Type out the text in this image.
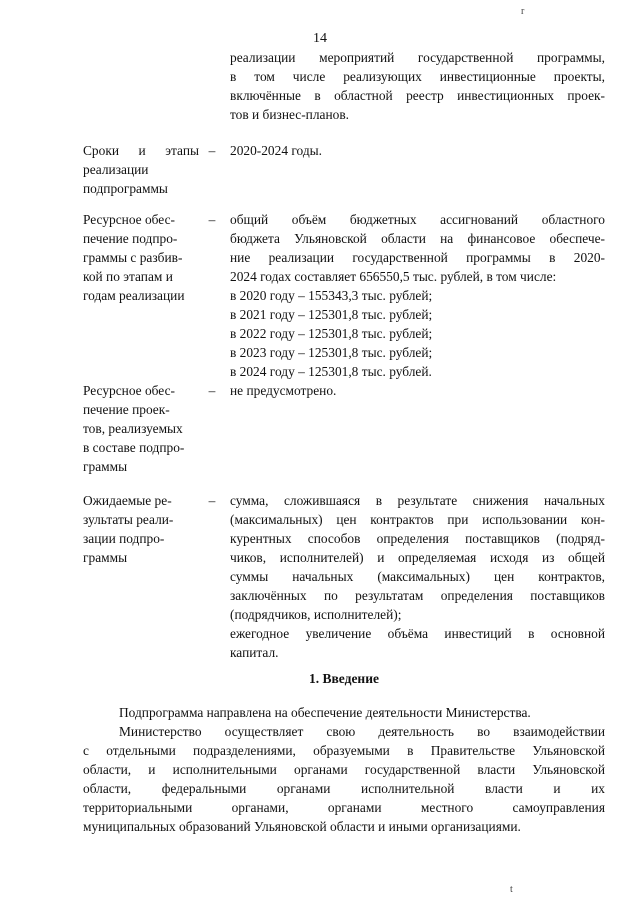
14
r
t
реализации мероприятий государственной программы,
в том числе реализующих инвестиционные проекты,
включённые в областной реестр инвестиционных проек-
тов и бизнес-планов.
Сроки и этапы
реализации
подпрограммы
– 2020-2024 годы.
Ресурсное обес-
печение подпро-
граммы с разбив-
кой по этапам и
годам реализации
– общий объём бюджетных ассигнований областного
бюджета Ульяновской области на финансовое обеспече-
ние реализации государственной программы в 2020-
2024 годах составляет 656550,5 тыс. рублей, в том числе:
в 2020 году – 155343,3 тыс. рублей;
в 2021 году – 125301,8 тыс. рублей;
в 2022 году – 125301,8 тыс. рублей;
в 2023 году – 125301,8 тыс. рублей;
в 2024 году – 125301,8 тыс. рублей.
Ресурсное обес-
печение проек-
тов, реализуемых
в составе подпро-
граммы
– не предусмотрено.
Ожидаемые ре-
зультаты реали-
зации подпро-
граммы
– сумма, сложившаяся в результате снижения начальных
(максимальных) цен контрактов при использовании кон-
курентных способов определения поставщиков (подряд-
чиков, исполнителей) и определяемая исходя из общей
суммы начальных (максимальных) цен контрактов,
заключённых по результатам определения поставщиков
(подрядчиков, исполнителей);
ежегодное увеличение объёма инвестиций в основной
капитал.
1. Введение
Подпрограмма направлена на обеспечение деятельности Министерства.
Министерство осуществляет свою деятельность во взаимодействии
с отдельными подразделениями, образуемыми в Правительстве Ульяновской
области, и исполнительными органами государственной власти Ульяновской
области, федеральными органами исполнительной власти и их
территориальными органами, органами местного самоуправления
муниципальных образований Ульяновской области и иными организациями.
